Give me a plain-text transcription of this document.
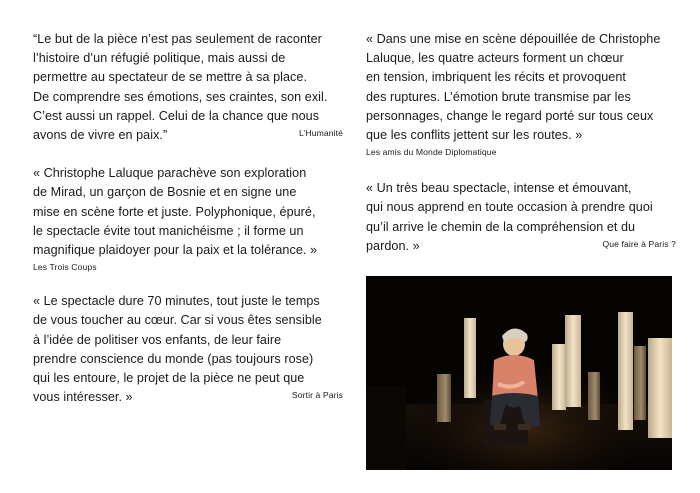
“Le but de la pièce n’est pas seulement de raconter
l’histoire d’un réfugié politique, mais aussi de
permettre au spectateur de se mettre à sa place.
De comprendre ses émotions, ses craintes, son exil.
C’est aussi un rappel. Celui de la chance que nous
avons de vivre en paix.”	L’Humanité

« Christophe Laluque parachève son exploration
de Mirad, un garçon de Bosnie et en signe une
mise en scène forte et juste. Polyphonique, épuré,
le spectacle évite tout manichéisme ; il forme un
magnifique plaidoyer pour la paix et la tolérance. »
Les Trois Coups

« Le spectacle dure 70 minutes, tout juste le temps
de vous toucher au cœur. Car si vous êtes sensible
à l’idée de politiser vos enfants, de leur faire
prendre conscience du monde (pas toujours rose)
qui les entoure, le projet de la pièce ne peut que
vous intéresser. »	Sortir à Paris

« Dans une mise en scène dépouillée de Christophe
Laluque, les quatre acteurs forment un chœur
en tension, imbriquent les récits et provoquent
des ruptures. L’émotion brute transmise par les
personnages, change le regard porté sur tous ceux
que les conflits jettent sur les routes. »
Les amis du Monde Diplomatique

« Un très beau spectacle, intense et émouvant,
qui nous apprend en toute occasion à prendre quoi
qu’il arrive le chemin de la compréhension et du
pardon. »	Que faire à Paris ?
